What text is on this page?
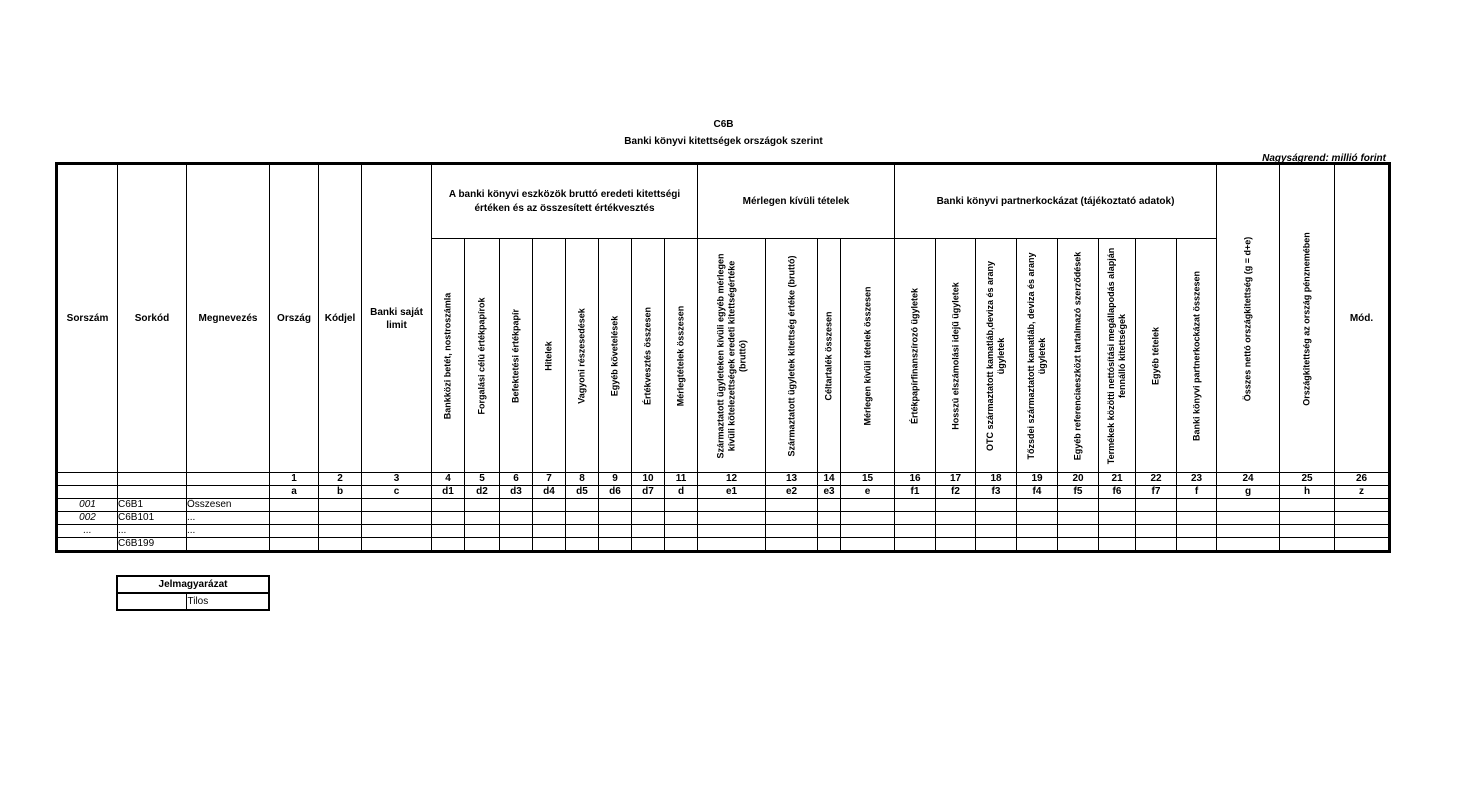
C6B
Banki könyvi kitettségek országok szerint
Nagyságrend: millió forint
Sorszám	Sorkód	Megnevezés	Ország	Kódjel	Banki saját limit	A banki könyvi eszközök bruttó eredeti kitettségi értéken és az összesített értékvesztés								Mérlegen kívüli tételek				Banki könyvi partnerkockázat (tájékoztató adatok)								Összes nettó országkitettség (g = d+e)	Országkitettség az ország pénznemében	Mód.

						Bankközi betét, nostroszámla	Forgalási célú értékpapírok	Befektetési értékpapír	Hitelek	Vagyoni részesedések	Egyéb követelések	Értékvesztés összesen	Mérlegtételek összesen	Származtatott ügyleteken kívüli egyéb mérlegen kívüli kötelezettségek eredeti kitettségértéke (bruttó)	Származtatott ügyletek kitettség értéke (bruttó)	Céltartalék összesen	Mérlegen kívüli tételek összesen	Értékpapírfinanszírozó ügyletek	Hosszú elszámolási idejű ügyletek	OTC származtatott kamatláb,deviza és arany ügyletek	Tőzsdei származtatott kamatláb, deviza és arany ügyletek	Egyéb referenciaeszközt tartalmazó szerződések	Termékek közötti nettósítási megállapodás alapján fennálló kitettségek	Egyéb tételek	Banki könyvi partnerkockázat összesen			

			1	2	3	4	5	6	7	8	9	10	11	12	13	14	15	16	17	18	19	20	21	22	23	24	25	26
			a	b	c	d1	d2	d3	d4	d5	d6	d7	d	e1	e2	e3	e	f1	f2	f3	f4	f5	f6	f7	f	g	h	z
001	C6B1	Összesen																										
002	C6B101	...																										
...	...	...																										
	C6B199																											
Jelmagyarázat
	Tilos
